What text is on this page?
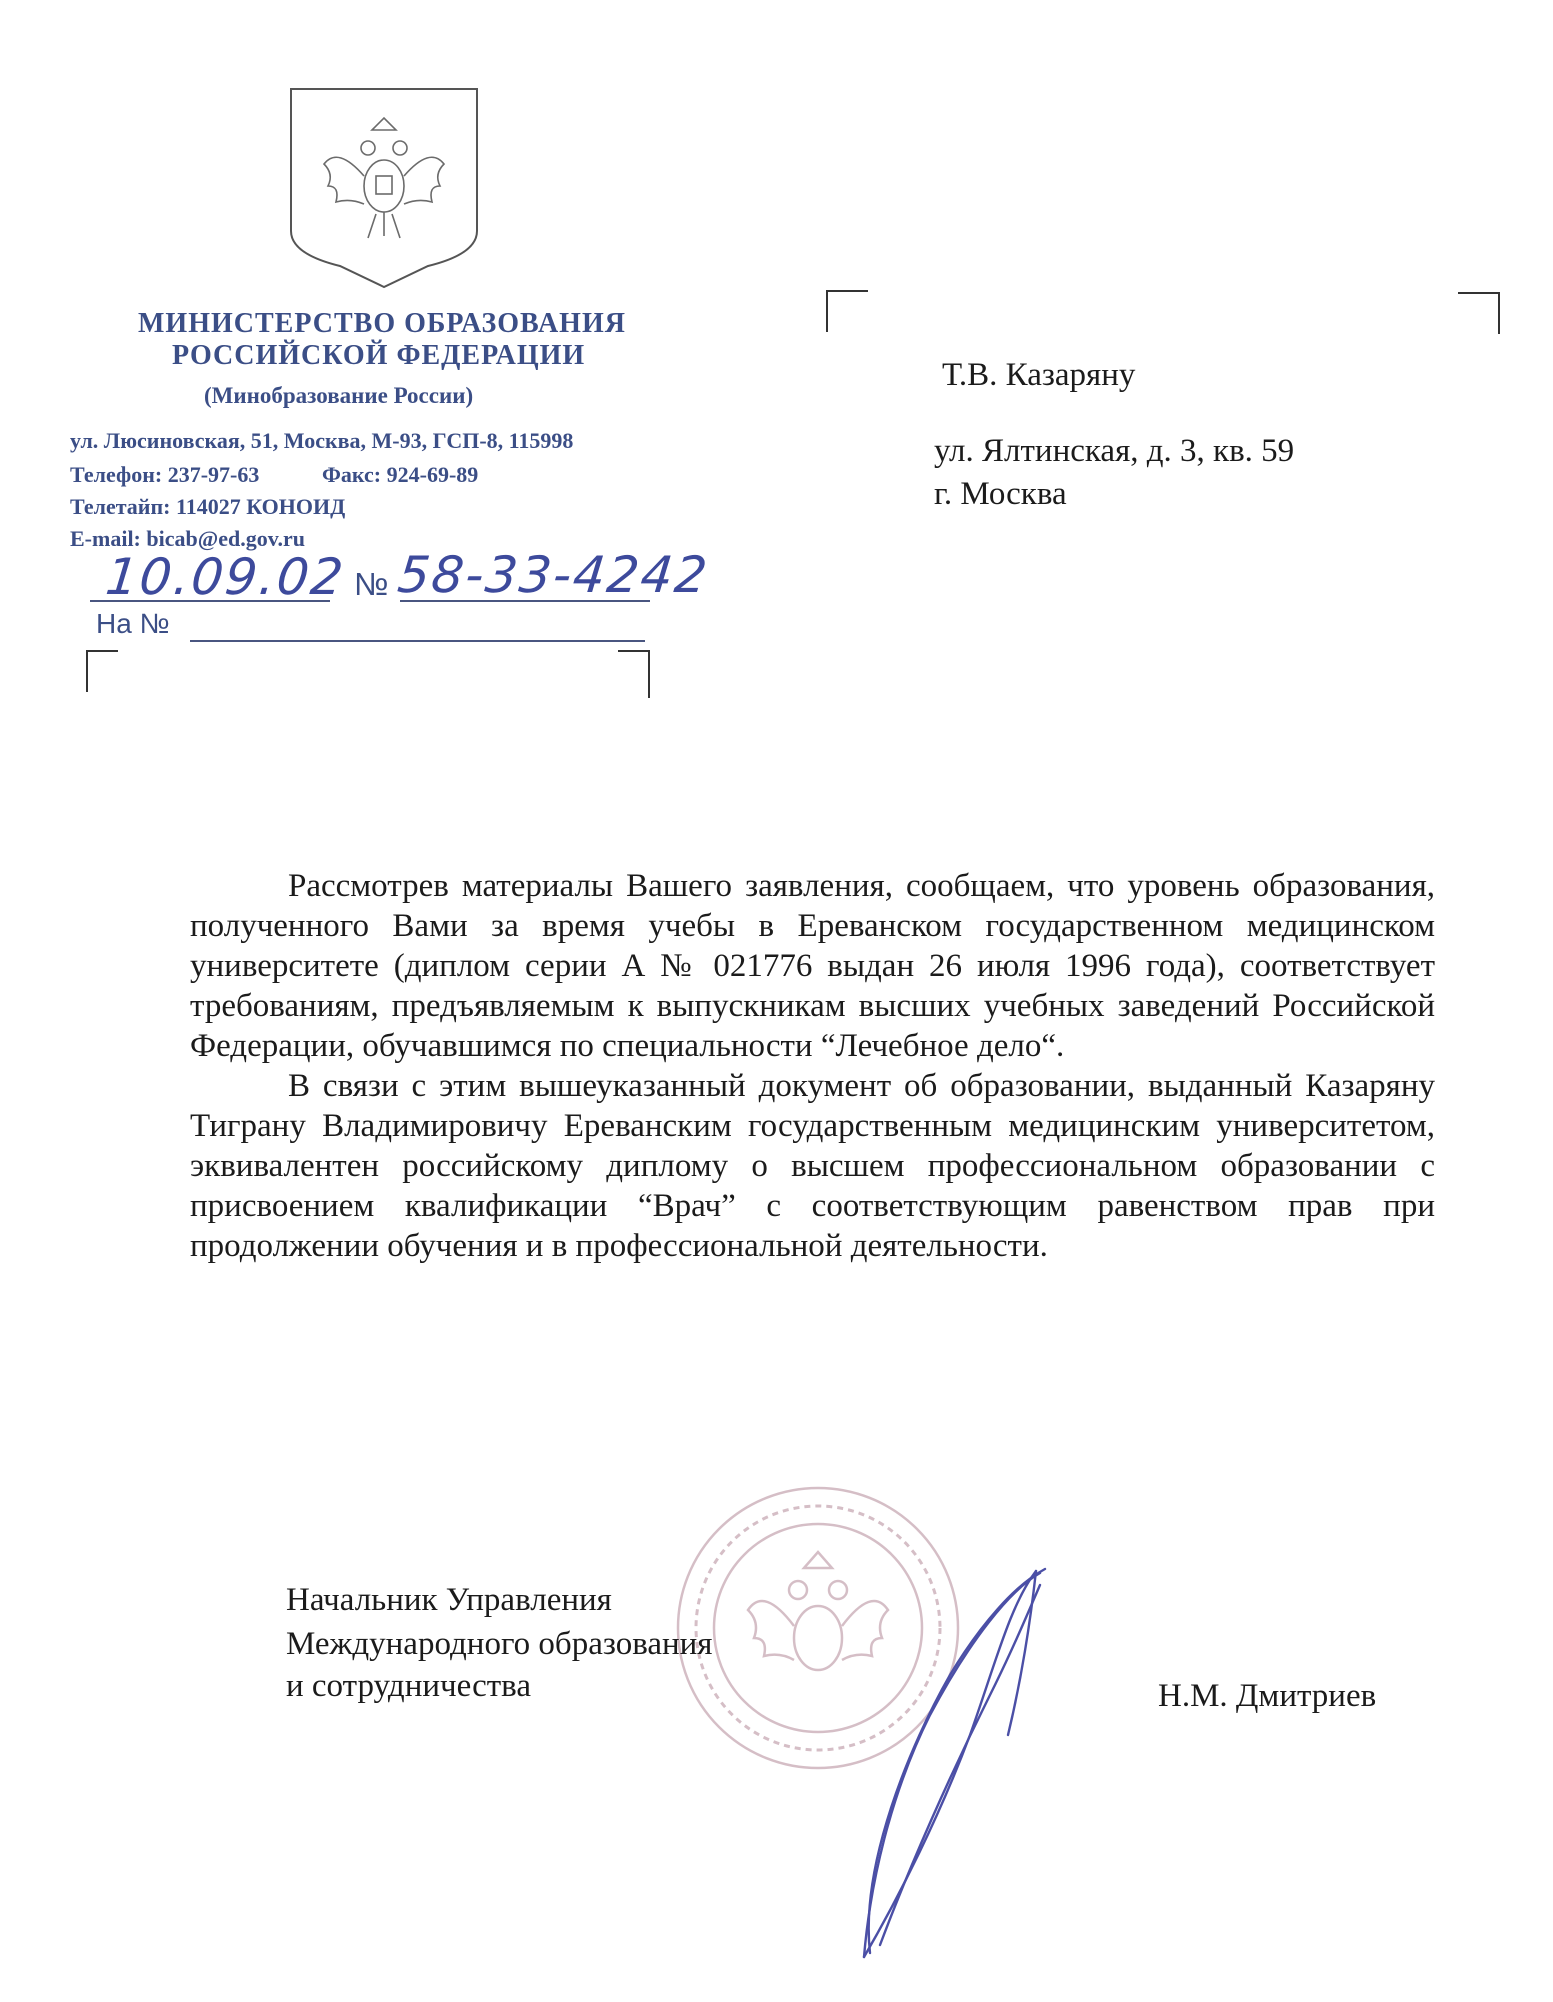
МИНИСТЕРСТВО ОБРАЗОВАНИЯ
РОССИЙСКОЙ ФЕДЕРАЦИИ
(Минобразование России)
ул. Люсиновская, 51, Москва, М-93, ГСП-8, 115998
Телефон: 237-97-63	Факс: 924-69-89
Телетайп: 114027 КОНОИД
E-mail: bicab@ed.gov.ru
10.09.02 № 58-33-4242
На №
Т.В. Казаряну
ул. Ялтинская, д. 3, кв. 59
г. Москва

Рассмотрев материалы Вашего заявления, сообщаем, что уровень образования, полученного Вами за время учебы в Ереванском государственном медицинском университете (диплом серии А № 021776 выдан 26 июля 1996 года), соответствует требованиям, предъявляемым к выпускникам высших учебных заведений Российской Федерации, обучавшимся по специальности “Лечебное дело“.

В связи с этим вышеуказанный документ об образовании, выданный Казаряну Тиграну Владимировичу Ереванским государственным медицинским университетом, эквивалентен российскому диплому о высшем профессиональном образовании с присвоением квалификации “Врач” с соответствующим равенством прав при продолжении обучения и в профессиональной деятельности.

Начальник Управления
Международного образования
и сотрудничества	Н.М. Дмитриев
